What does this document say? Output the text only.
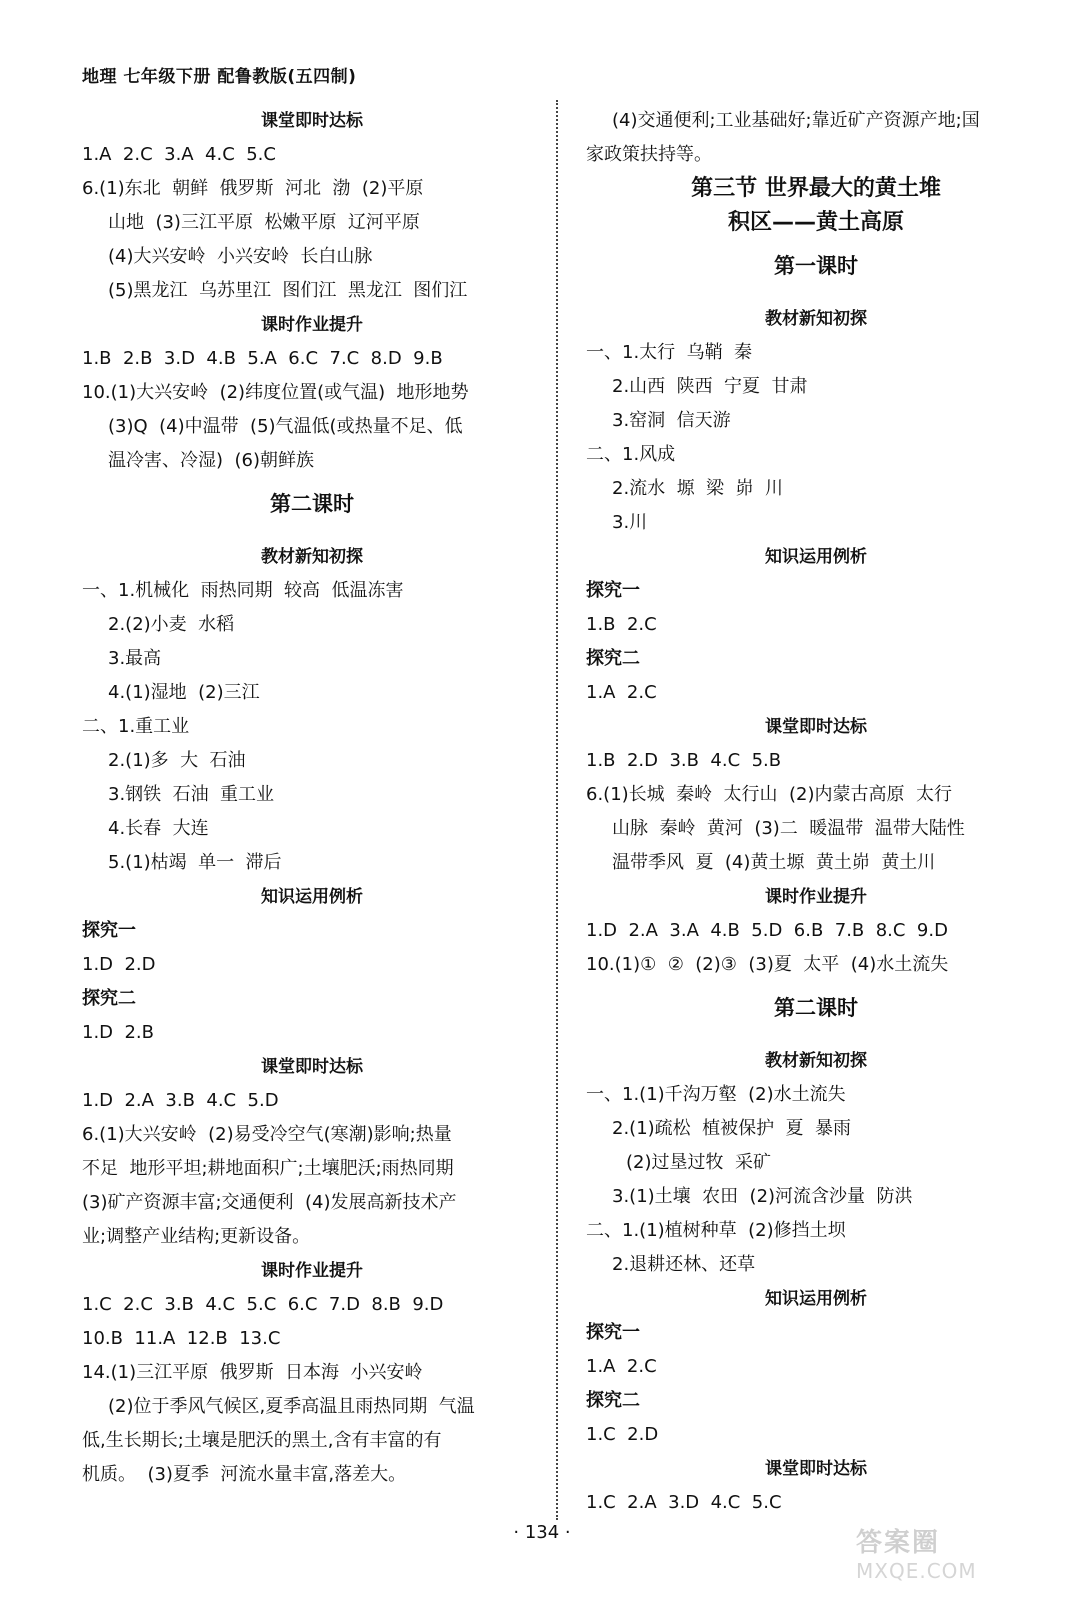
地理 七年级下册 配鲁教版(五四制)
课堂即时达标
1.A  2.C  3.A  4.C  5.C
6.(1)东北  朝鲜  俄罗斯  河北  渤  (2)平原
山地  (3)三江平原  松嫩平原  辽河平原
(4)大兴安岭  小兴安岭  长白山脉
(5)黑龙江  乌苏里江  图们江  黑龙江  图们江
课时作业提升
1.B  2.B  3.D  4.B  5.A  6.C  7.C  8.D  9.B
10.(1)大兴安岭  (2)纬度位置(或气温)  地形地势
(3)Q  (4)中温带  (5)气温低(或热量不足、低
温冷害、冷湿)  (6)朝鲜族
第二课时
教材新知初探
一、1.机械化  雨热同期  较高  低温冻害
2.(2)小麦  水稻
3.最高
4.(1)湿地  (2)三江
二、1.重工业
2.(1)多  大  石油
3.钢铁  石油  重工业
4.长春  大连
5.(1)枯竭  单一  滞后
知识运用例析
探究一
1.D  2.D
探究二
1.D  2.B
课堂即时达标
1.D  2.A  3.B  4.C  5.D
6.(1)大兴安岭  (2)易受冷空气(寒潮)影响;热量
不足  地形平坦;耕地面积广;土壤肥沃;雨热同期
(3)矿产资源丰富;交通便利  (4)发展高新技术产
业;调整产业结构;更新设备。
课时作业提升
1.C  2.C  3.B  4.C  5.C  6.C  7.D  8.B  9.D
10.B  11.A  12.B  13.C
14.(1)三江平原  俄罗斯  日本海  小兴安岭
(2)位于季风气候区,夏季高温且雨热同期  气温
低,生长期长;土壤是肥沃的黑土,含有丰富的有
机质。  (3)夏季  河流水量丰富,落差大。
(4)交通便利;工业基础好;靠近矿产资源产地;国
家政策扶持等。
第三节 世界最大的黄土堆
积区——黄土高原
第一课时
教材新知初探
一、1.太行  乌鞘  秦
2.山西  陕西  宁夏  甘肃
3.窑洞  信天游
二、1.风成
2.流水  塬  梁  峁  川
3.川
知识运用例析
探究一
1.B  2.C
探究二
1.A  2.C
课堂即时达标
1.B  2.D  3.B  4.C  5.B
6.(1)长城  秦岭  太行山  (2)内蒙古高原  太行
山脉  秦岭  黄河  (3)二  暖温带  温带大陆性
温带季风  夏  (4)黄土塬  黄土峁  黄土川
课时作业提升
1.D  2.A  3.A  4.B  5.D  6.B  7.B  8.C  9.D
10.(1)①  ②  (2)③  (3)夏  太平  (4)水土流失
第二课时
教材新知初探
一、1.(1)千沟万壑  (2)水土流失
2.(1)疏松  植被保护  夏  暴雨
(2)过垦过牧  采矿
3.(1)土壤  农田  (2)河流含沙量  防洪
二、1.(1)植树种草  (2)修挡土坝
2.退耕还林、还草
知识运用例析
探究一
1.A  2.C
探究二
1.C  2.D
课堂即时达标
1.C  2.A  3.D  4.C  5.C
· 134 ·	答案圈
MXQE.COM
